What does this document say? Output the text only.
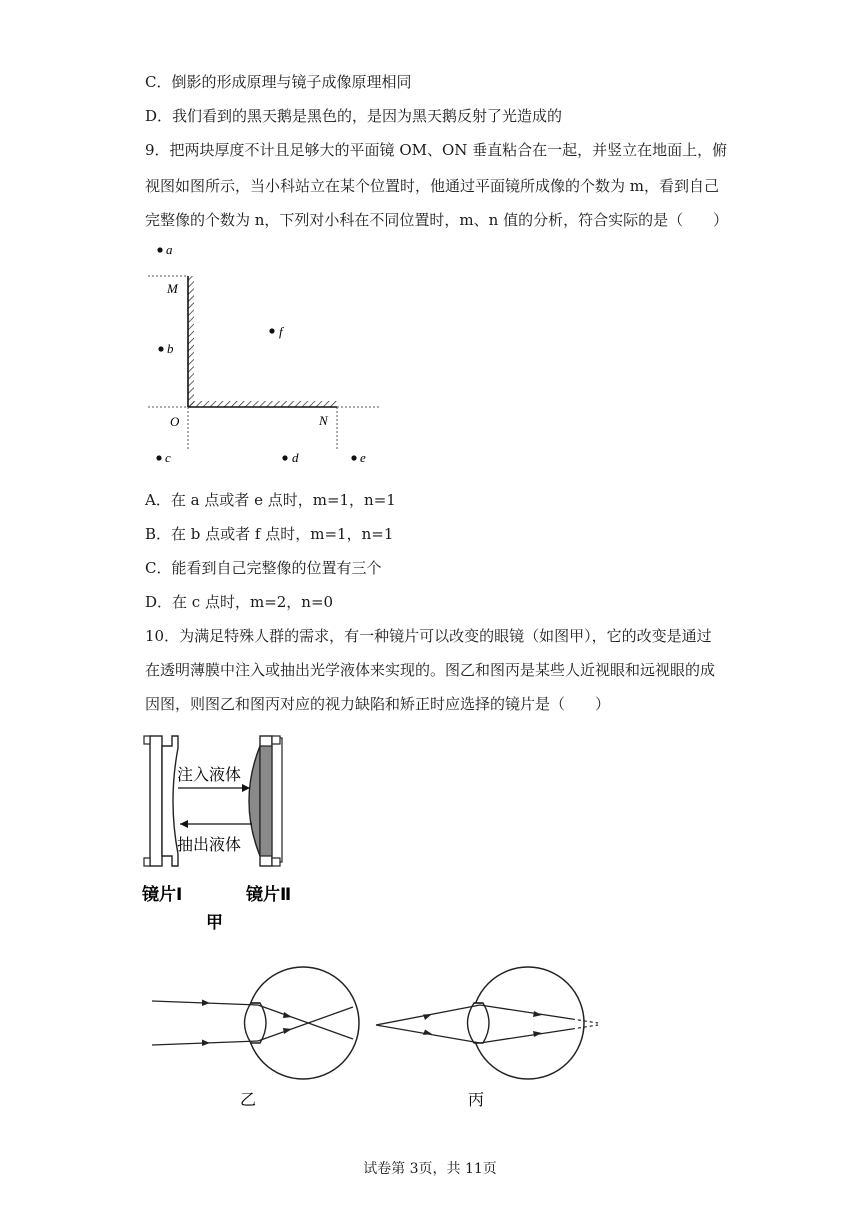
C．倒影的形成原理与镜子成像原理相同
D．我们看到的黑天鹅是黑色的，是因为黑天鹅反射了光造成的
9．把两块厚度不计且足够大的平面镜 OM、ON 垂直粘合在一起，并竖立在地面上，俯
视图如图所示，当小科站立在某个位置时，他通过平面镜所成像的个数为 m，看到自己
完整像的个数为 n，下列对小科在不同位置时，m、n 值的分析，符合实际的是（　　）
M
O	N
a
b
f
c	d	e
A．在 a 点或者 e 点时，m=1，n=1
B．在 b 点或者 f 点时，m=1，n=1
C．能看到自己完整像的位置有三个
D．在 c 点时，m=2，n=0
10．为满足特殊人群的需求，有一种镜片可以改变的眼镜（如图甲），它的改变是通过
在透明薄膜中注入或抽出光学液体来实现的。图乙和图丙是某些人近视眼和远视眼的成
因图，则图乙和图丙对应的视力缺陷和矫正时应选择的镜片是（　　）
注入液体
抽出液体
镜片Ⅰ	镜片Ⅱ
甲
乙	丙
试卷第 3页，共 11页
